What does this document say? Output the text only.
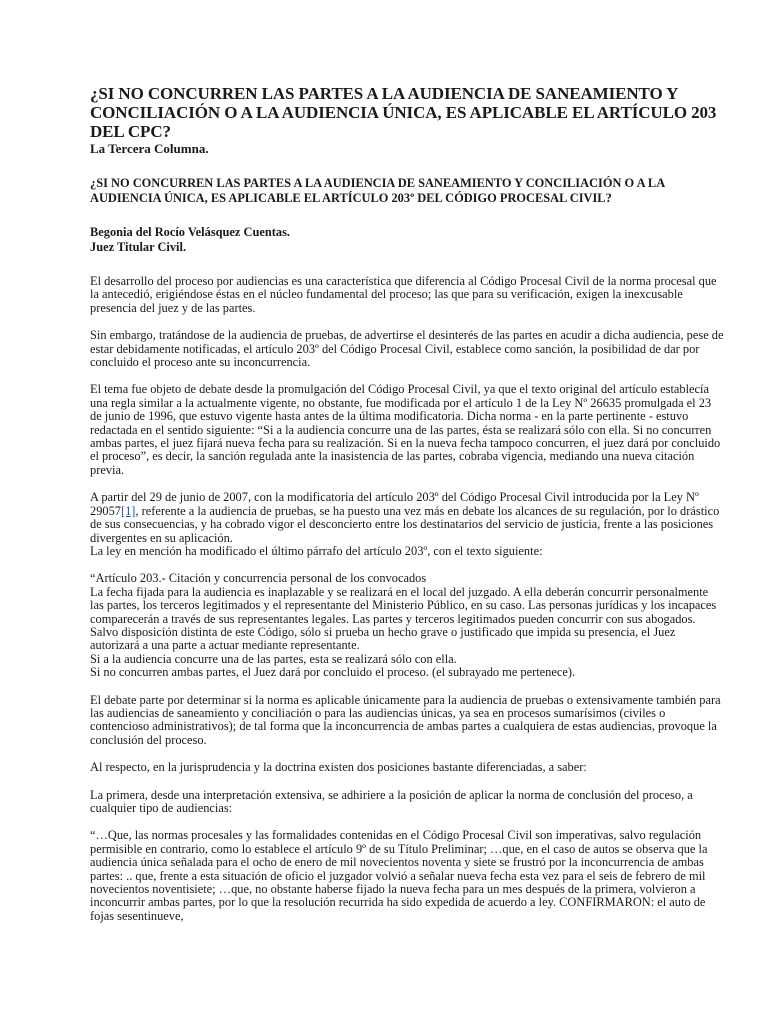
¿SI NO CONCURREN LAS PARTES A LA AUDIENCIA DE SANEAMIENTO Y CONCILIACIÓN O A LA AUDIENCIA ÚNICA, ES APLICABLE EL ARTÍCULO 203 DEL CPC?
La Tercera Columna.
¿SI NO CONCURREN LAS PARTES A LA AUDIENCIA DE SANEAMIENTO Y CONCILIACIÓN O A LA AUDIENCIA ÚNICA, ES APLICABLE EL ARTÍCULO 203º DEL CÓDIGO PROCESAL CIVIL?
Begonia del Rocío Velásquez Cuentas.
Juez Titular Civil.

El desarrollo del proceso por audiencias es una característica que diferencia al Código Procesal Civil de la norma procesal que la antecedió, erigiéndose éstas en el núcleo fundamental del proceso; las que para su verificación, exigen la inexcusable presencia del juez y de las partes.

Sin embargo, tratándose de la audiencia de pruebas, de advertirse el desinterés de las partes en acudir a dicha audiencia, pese de estar debidamente notificadas, el artículo 203º del Código Procesal Civil, establece como sanción, la posibilidad de dar por concluido el proceso ante su inconcurrencia.

El tema fue objeto de debate desde la promulgación del Código Procesal Civil, ya que el texto original del artículo establecía una regla similar a la actualmente vigente, no obstante, fue modificada por el artículo 1 de la Ley Nº 26635 promulgada el 23 de junio de 1996, que estuvo vigente hasta antes de la última modificatoria. Dicha norma - en la parte pertinente - estuvo redactada en el sentido siguiente: “Si a la audiencia concurre una de las partes, ésta se realizará sólo con ella. Si no concurren ambas partes, el juez fijará nueva fecha para su realización. Si en la nueva fecha tampoco concurren, el juez dará por concluido el proceso”, es decir, la sanción regulada ante la inasistencia de las partes, cobraba vigencia, mediando una nueva citación previa.

A partir del 29 de junio de 2007, con la modificatoria del artículo 203º del Código Procesal Civil introducida por la Ley Nº 29057[1], referente a la audiencia de pruebas, se ha puesto una vez más en debate los alcances de su regulación, por lo drástico de sus consecuencias, y ha cobrado vigor el desconcierto entre los destinatarios del servicio de justicia, frente a las posiciones divergentes en su aplicación.

La ley en mención ha modificado el último párrafo del artículo 203º, con el texto siguiente:

“Artículo 203.- Citación y concurrencia personal de los convocados
La fecha fijada para la audiencia es inaplazable y se realizará en el local del juzgado. A ella deberán concurrir personalmente las partes, los terceros legitimados y el representante del Ministerio Público, en su caso. Las personas jurídicas y los incapaces comparecerán a través de sus representantes legales. Las partes y terceros legitimados pueden concurrir con sus abogados.
Salvo disposición distinta de este Código, sólo si prueba un hecho grave o justificado que impida su presencia, el Juez autorizará a una parte a actuar mediante representante.
Si a la audiencia concurre una de las partes, esta se realizará sólo con ella.
Si no concurren ambas partes, el Juez dará por concluido el proceso. (el subrayado me pertenece).

El debate parte por determinar si la norma es aplicable únicamente para la audiencia de pruebas o extensivamente también para las audiencias de saneamiento y conciliación o para las audiencias únicas, ya sea en procesos sumarísimos (civiles o contencioso administrativos); de tal forma que la inconcurrencia de ambas partes a cualquiera de estas audiencias, provoque la conclusión del proceso.

Al respecto, en la jurisprudencia y la doctrina existen dos posiciones bastante diferenciadas, a saber:

La primera, desde una interpretación extensiva, se adhiriere a la posición de aplicar la norma de conclusión del proceso, a cualquier tipo de audiencias:

“…Que, las normas procesales y las formalidades contenidas en el Código Procesal Civil son imperativas, salvo regulación permisible en contrario, como lo establece el artículo 9º de su Título Preliminar; …que, en el caso de autos se observa que la audiencia única señalada para el ocho de enero de mil novecientos noventa y siete se frustró por la inconcurrencia de ambas partes: .. que, frente a esta situación de oficio el juzgador volvió a señalar nueva fecha esta vez para el seis de febrero de mil novecientos noventisiete; …que, no obstante haberse fijado la nueva fecha para un mes después de la primera, volvieron a inconcurrir ambas partes, por lo que la resolución recurrida ha sido expedida de acuerdo a ley. CONFIRMARON: el auto de fojas sesentinueve,
